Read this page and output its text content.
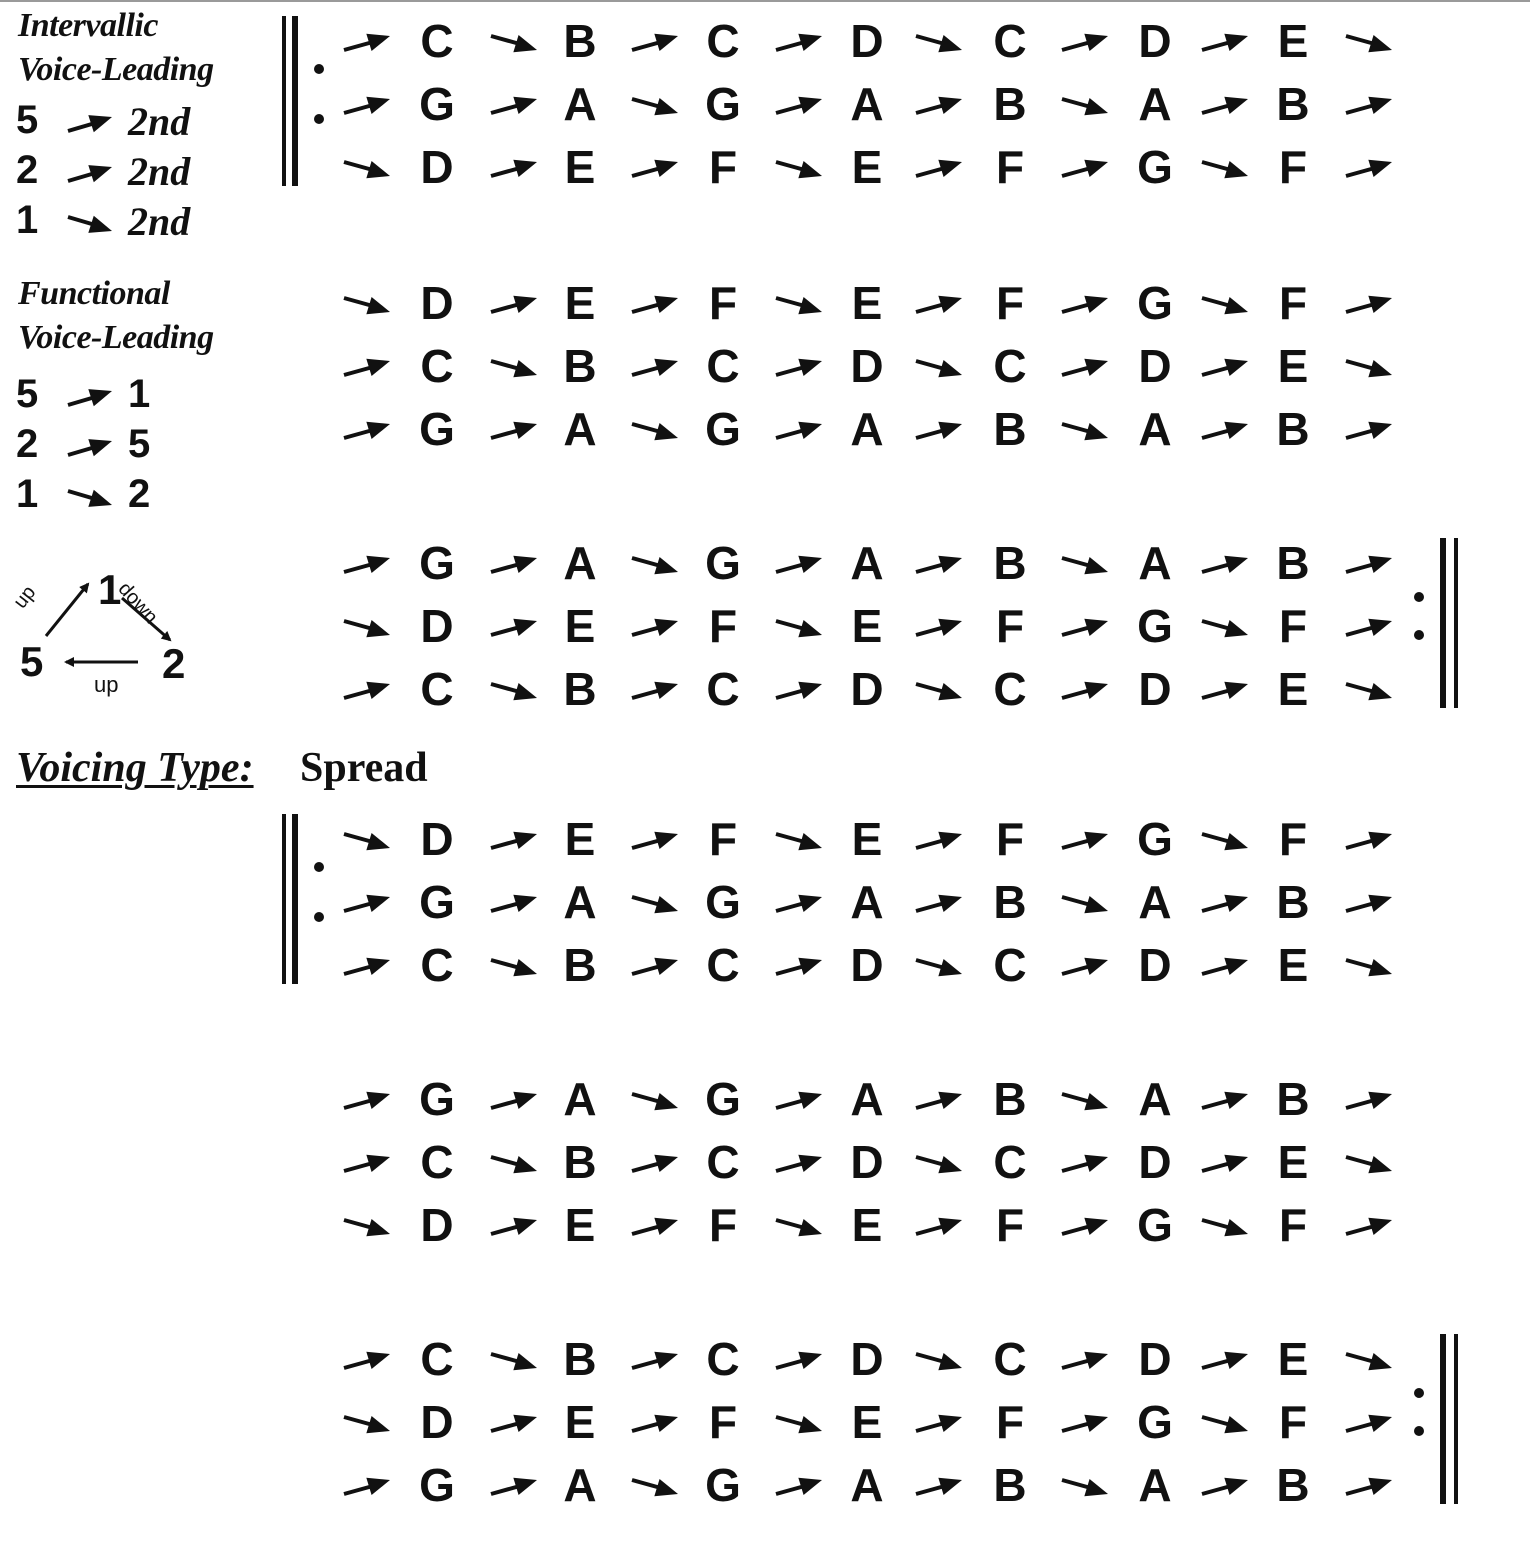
Intervallic
Voice-Leading
5 2nd
2 2nd
1 2nd
Functional
Voice-Leading
5 1
2 5
1 2
1
5	2
up	down
up
Voicing Type: Spread
C B C D C D E
G A G A B A B
D E F E F G F
D E F E F G F
C B C D C D E
G A G A B A B
G A G A B A B
D E F E F G F
C B C D C D E
D E F E F G F
G A G A B A B
C B C D C D E
G A G A B A B
C B C D C D E
D E F E F G F
C B C D C D E
D E F E F G F
G A G A B A B
